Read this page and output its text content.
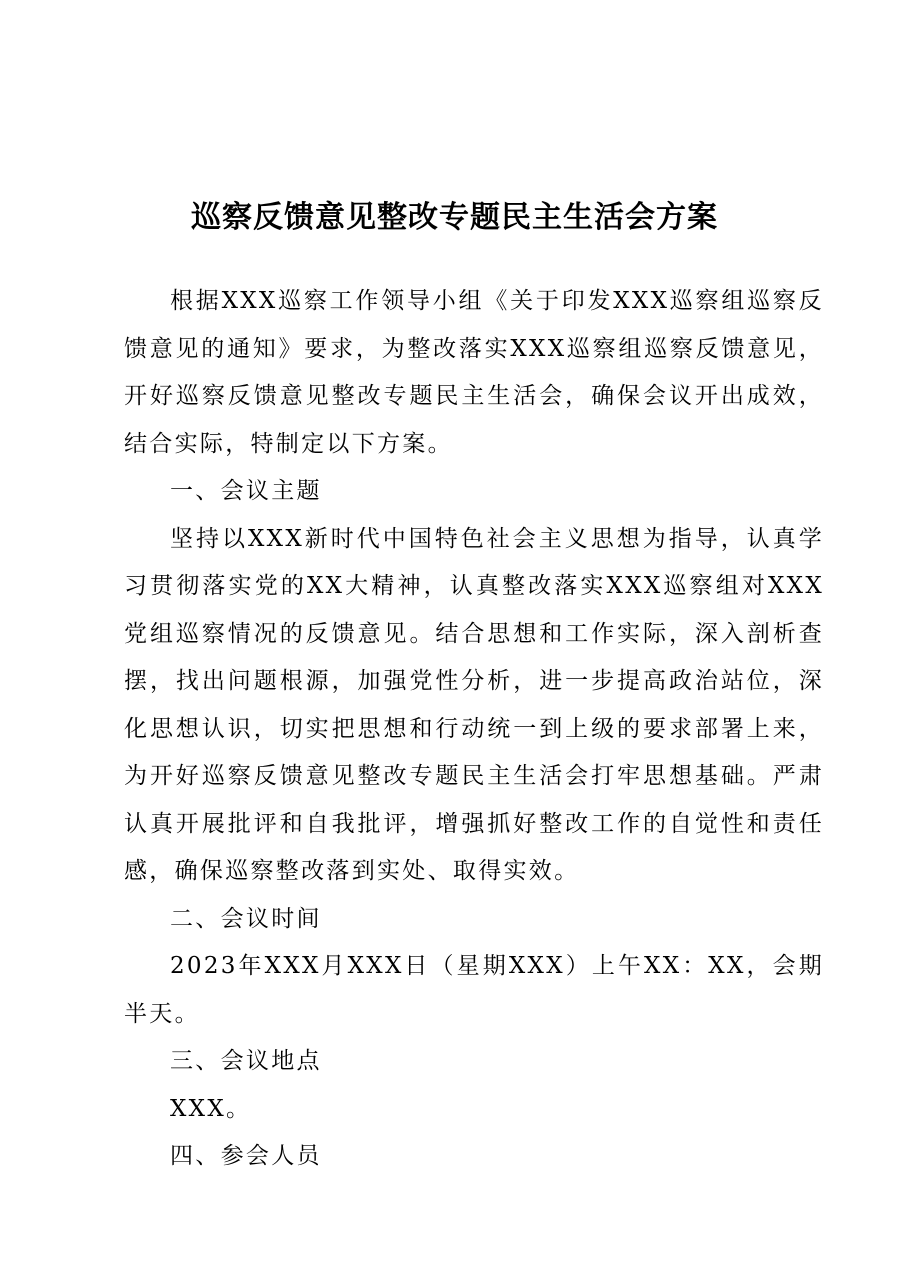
巡察反馈意见整改专题民主生活会方案

根据XXX巡察工作领导小组《关于印发XXX巡察组巡察反馈意见的通知》要求，为整改落实XXX巡察组巡察反馈意见，开好巡察反馈意见整改专题民主生活会，确保会议开出成效，结合实际，特制定以下方案。

一、会议主题

坚持以XXX新时代中国特色社会主义思想为指导，认真学习贯彻落实党的XX大精神，认真整改落实XXX巡察组对XXX党组巡察情况的反馈意见。结合思想和工作实际，深入剖析查摆，找出问题根源，加强党性分析，进一步提高政治站位，深化思想认识，切实把思想和行动统一到上级的要求部署上来，为开好巡察反馈意见整改专题民主生活会打牢思想基础。严肃认真开展批评和自我批评，增强抓好整改工作的自觉性和责任感，确保巡察整改落到实处、取得实效。

二、会议时间

2023年XXX月XXX日（星期XXX）上午XX：XX，会期半天。

三、会议地点

XXX。

四、参会人员
